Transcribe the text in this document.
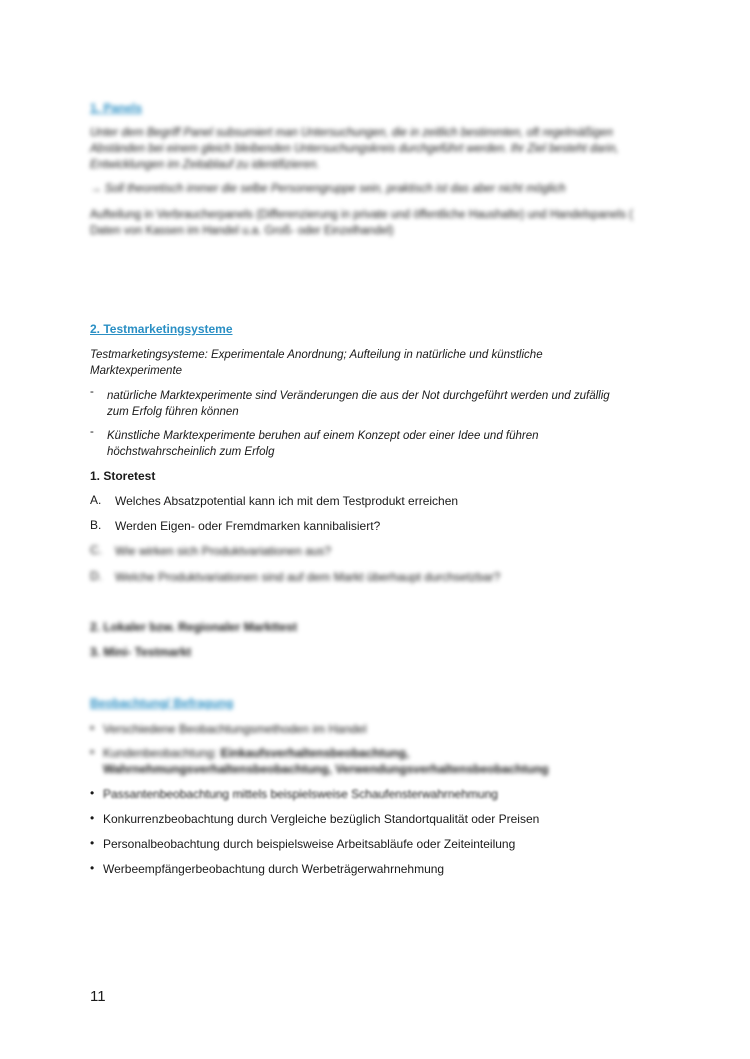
1. Panels
Unter dem Begriff Panel subsumiert man Untersuchungen, die in zeitlich bestimmten, oft regelmäßigen Abständen bei einem gleich bleibenden Untersuchungskreis durchgeführt werden. Ihr Ziel besteht darin, Entwicklungen im Zeitablauf zu identifizieren.
→ Soll theoretisch immer die selbe Personengruppe sein, praktisch ist das aber nicht möglich
Aufteilung in Verbraucherpanels (Differenzierung in private und öffentliche Haushalte) und Handelspanels ( Daten von Kassen im Handel u.a. Groß- oder Einzelhandel)
2. Testmarketingsysteme
Testmarketingsysteme: Experimentale Anordnung; Aufteilung in natürliche und künstliche
Marktexperimente
- natürliche Marktexperimente sind Veränderungen die aus der Not durchgeführt werden und zufällig
zum Erfolg führen können
- Künstliche Marktexperimente beruhen auf einem Konzept oder einer Idee und führen
höchstwahrscheinlich zum Erfolg
1. Storetest
A. Welches Absatzpotential kann ich mit dem Testprodukt erreichen
B. Werden Eigen- oder Fremdmarken kannibalisiert?
C. Wie wirken sich Produktvariationen aus?
D. Welche Produktvariationen sind auf dem Markt überhaupt durchsetzbar?
2. Lokaler bzw. Regionaler Markttest
3. Mini- Testmarkt
Beobachtung/ Befragung
• Verschiedene Beobachtungsmethoden im Handel
• Kundenbeobachtung: Einkaufsverhaltensbeobachtung,
Wahrnehmungsverhaltensbeobachtung, Verwendungsverhaltensbeobachtung
• Passantenbeobachtung mittels beispielsweise Schaufensterwahrnehmung
• Konkurrenzbeobachtung durch Vergleiche bezüglich Standortqualität oder Preisen
• Personalbeobachtung durch beispielsweise Arbeitsabläufe oder Zeiteinteilung
• Werbeempfängerbeobachtung durch Werbeträgerwahrnehmung
11
